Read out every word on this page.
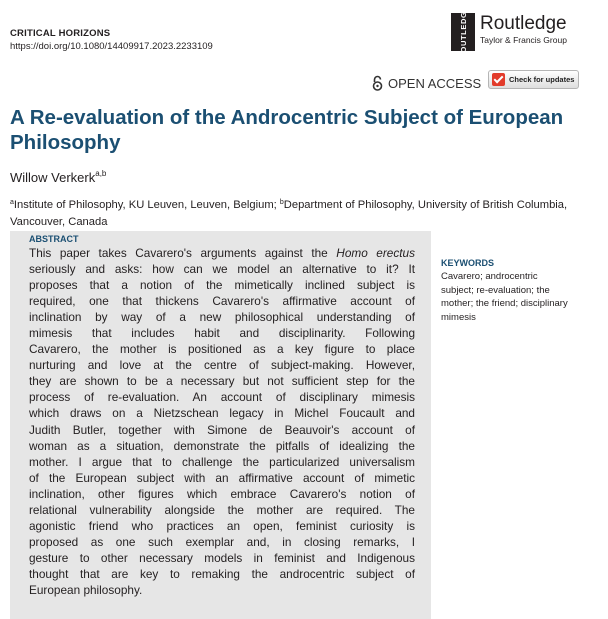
CRITICAL HORIZONS
https://doi.org/10.1080/14409917.2023.2233109	ROUTLEDGE Routledge
Taylor & Francis Group
OPEN ACCESS	Check for updates
A Re-evaluation of the Androcentric Subject of European Philosophy
Willow Verkerk$^{a,b}$
$^a$Institute of Philosophy, KU Leuven, Leuven, Belgium; $^b$Department of Philosophy, University of British Columbia, Vancouver, Canada
ABSTRACT
This paper takes Cavarero's arguments against the Homo erectus
seriously and asks: how can we model an alternative to it? It
proposes that a notion of the mimetically inclined subject is
required, one that thickens Cavarero's affirmative account of
inclination by way of a new philosophical understanding of
mimesis that includes habit and disciplinarity. Following
Cavarero, the mother is positioned as a key figure to place
nurturing and love at the centre of subject-making. However,
they are shown to be a necessary but not sufficient step for the
process of re-evaluation. An account of disciplinary mimesis
which draws on a Nietzschean legacy in Michel Foucault and
Judith Butler, together with Simone de Beauvoir's account of
woman as a situation, demonstrate the pitfalls of idealizing the
mother. I argue that to challenge the particularized universalism
of the European subject with an affirmative account of mimetic
inclination, other figures which embrace Cavarero's notion of
relational vulnerability alongside the mother are required. The
agonistic friend who practices an open, feminist curiosity is
proposed as one such exemplar and, in closing remarks, I
gesture to other necessary models in feminist and Indigenous
thought that are key to remaking the androcentric subject of
European philosophy.
KEYWORDS
Cavarero; androcentric subject; re-evaluation; the mother; the friend; disciplinary mimesis
